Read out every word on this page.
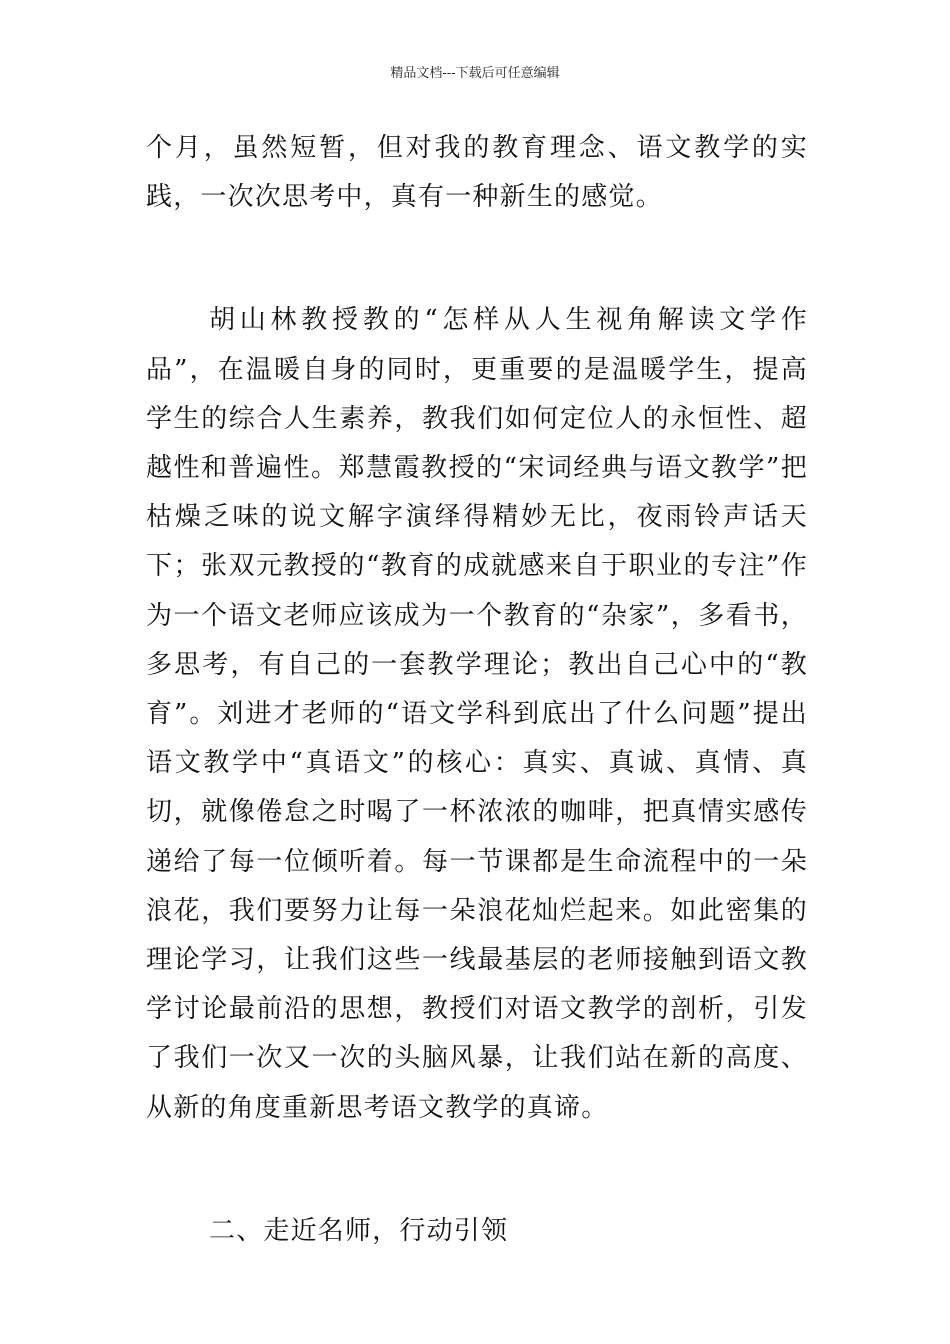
精品文档---下载后可任意编辑

个月，虽然短暂，但对我的教育理念、语文教学的实践，一次次思考中，真有一种新生的感觉。

胡山林教授教的“怎样从人生视角解读文学作品”，在温暖自身的同时，更重要的是温暖学生，提高学生的综合人生素养，教我们如何定位人的永恒性、超越性和普遍性。郑慧霞教授的“宋词经典与语文教学”把枯燥乏味的说文解字演绎得精妙无比，夜雨铃声话天下；张双元教授的“教育的成就感来自于职业的专注”作为一个语文老师应该成为一个教育的“杂家”，多看书，多思考，有自己的一套教学理论；教出自己心中的“教育”。刘进才老师的“语文学科到底出了什么问题”提出语文教学中“真语文”的核心：真实、真诚、真情、真切，就像倦怠之时喝了一杯浓浓的咖啡，把真情实感传递给了每一位倾听着。每一节课都是生命流程中的一朵浪花，我们要努力让每一朵浪花灿烂起来。如此密集的理论学习，让我们这些一线最基层的老师接触到语文教学讨论最前沿的思想，教授们对语文教学的剖析，引发了我们一次又一次的头脑风暴，让我们站在新的高度、从新的角度重新思考语文教学的真谛。

二、走近名师，行动引领
